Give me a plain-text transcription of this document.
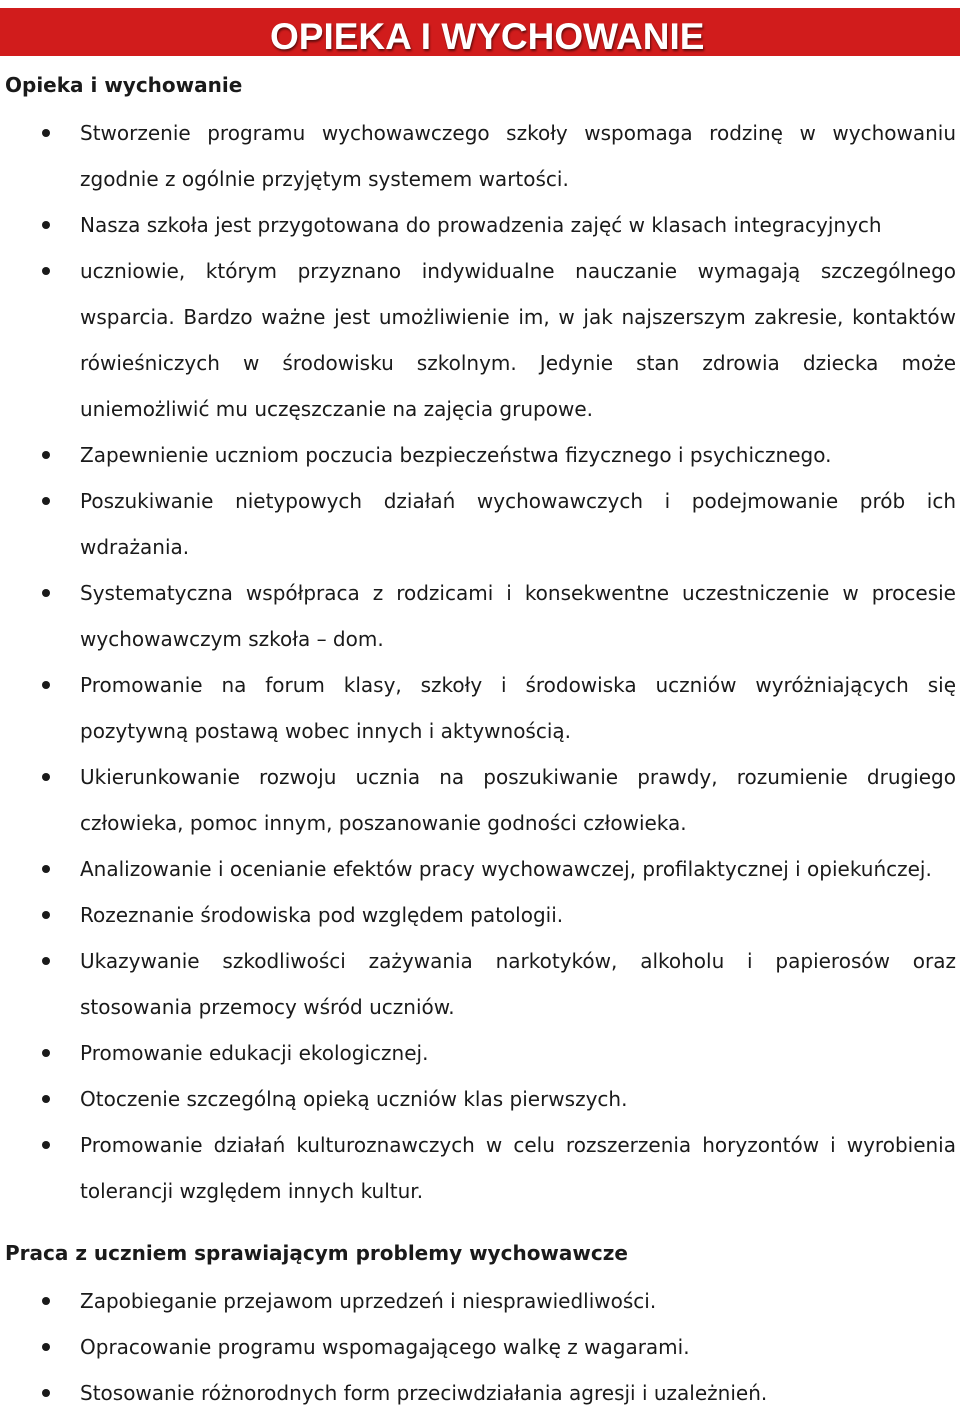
OPIEKA I WYCHOWANIE
Opieka i wychowanie
Stworzenie programu wychowawczego szkoły wspomaga rodzinę w wychowaniu zgodnie z ogólnie przyjętym systemem wartości.
Nasza szkoła jest przygotowana do prowadzenia zajęć w klasach integracyjnych
uczniowie, którym przyznano indywidualne nauczanie wymagają szczególnego wsparcia. Bardzo ważne jest umożliwienie im, w jak najszerszym zakresie, kontaktów rówieśniczych w środowisku szkolnym. Jedynie stan zdrowia dziecka może uniemożliwić mu uczęszczanie na zajęcia grupowe.
Zapewnienie uczniom poczucia bezpieczeństwa fizycznego i psychicznego.
Poszukiwanie nietypowych działań wychowawczych i podejmowanie prób ich wdrażania.
Systematyczna współpraca z rodzicami i konsekwentne uczestniczenie w procesie wychowawczym szkoła – dom.
Promowanie na forum klasy, szkoły i środowiska uczniów wyróżniających się pozytywną postawą wobec innych i aktywnością.
Ukierunkowanie rozwoju ucznia na poszukiwanie prawdy, rozumienie drugiego człowieka, pomoc innym, poszanowanie godności człowieka.
Analizowanie i ocenianie efektów pracy wychowawczej, profilaktycznej i opiekuńczej.
Rozeznanie środowiska pod względem patologii.
Ukazywanie szkodliwości zażywania narkotyków, alkoholu i papierosów oraz stosowania przemocy wśród uczniów.
Promowanie edukacji ekologicznej.
Otoczenie szczególną opieką uczniów klas pierwszych.
Promowanie działań kulturoznawczych w celu rozszerzenia horyzontów i wyrobienia tolerancji względem innych kultur.
Praca z uczniem sprawiającym problemy wychowawcze
Zapobieganie przejawom uprzedzeń i niesprawiedliwości.
Opracowanie programu wspomagającego walkę z wagarami.
Stosowanie różnorodnych form przeciwdziałania agresji i uzależnień.
